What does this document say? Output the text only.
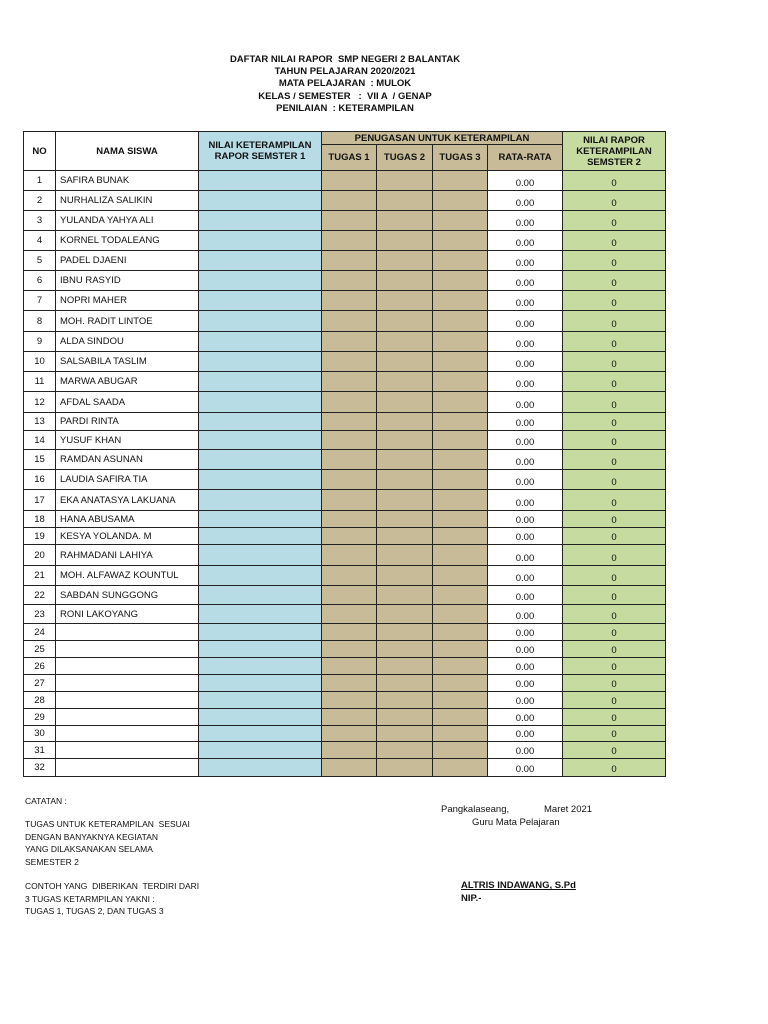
DAFTAR NILAI RAPOR  SMP NEGERI 2 BALANTAK
TAHUN PELAJARAN 2020/2021
MATA PELAJARAN  : MULOK
KELAS / SEMESTER   :  VII A  / GENAP
PENILAIAN  : KETERAMPILAN
NO	NAMA SISWA	NILAI KETERAMPILAN RAPOR SEMSTER 1	PENUGASAN UNTUK KETERAMPILAN				NILAI RAPOR KETERAMPILAN SEMSTER 2
			TUGAS 1	TUGAS 2	TUGAS 3	RATA-RATA	
1	SAFIRA BUNAK					0.00	0
2	NURHALIZA SALIKIN					0.00	0
3	YULANDA YAHYA ALI					0.00	0
4	KORNEL TODALEANG					0.00	0
5	PADEL DJAENI					0.00	0
6	IBNU RASYID					0.00	0
7	NOPRI MAHER					0.00	0
8	MOH. RADIT LINTOE					0.00	0
9	ALDA SINDOU					0.00	0
10	SALSABILA TASLIM					0.00	0
11	MARWA ABUGAR					0.00	0
12	AFDAL SAADA					0.00	0
13	PARDI RINTA					0.00	0
14	YUSUF KHAN					0.00	0
15	RAMDAN ASUNAN					0.00	0
16	LAUDIA SAFIRA TIA					0.00	0
17	EKA ANATASYA LAKUANA					0.00	0
18	HANA ABUSAMA					0.00	0
19	KESYA YOLANDA. M					0.00	0
20	RAHMADANI LAHIYA					0.00	0
21	MOH. ALFAWAZ KOUNTUL					0.00	0
22	SABDAN SUNGGONG					0.00	0
23	RONI LAKOYANG					0.00	0
24						0.00	0
25						0.00	0
26						0.00	0
27						0.00	0
28						0.00	0
29						0.00	0
30						0.00	0
31						0.00	0
32						0.00	0
CATATAN :
TUGAS UNTUK KETERAMPILAN  SESUAI
DENGAN BANYAKNYA KEGIATAN
YANG DILAKSANAKAN SELAMA
SEMESTER 2
CONTOH YANG  DIBERIKAN  TERDIRI DARI
3 TUGAS KETARMPILAN YAKNI :
TUGAS 1, TUGAS 2, DAN TUGAS 3
Pangkalaseang,	Maret 2021
Guru Mata Pelajaran
ALTRIS INDAWANG, S.Pd
NIP.-
